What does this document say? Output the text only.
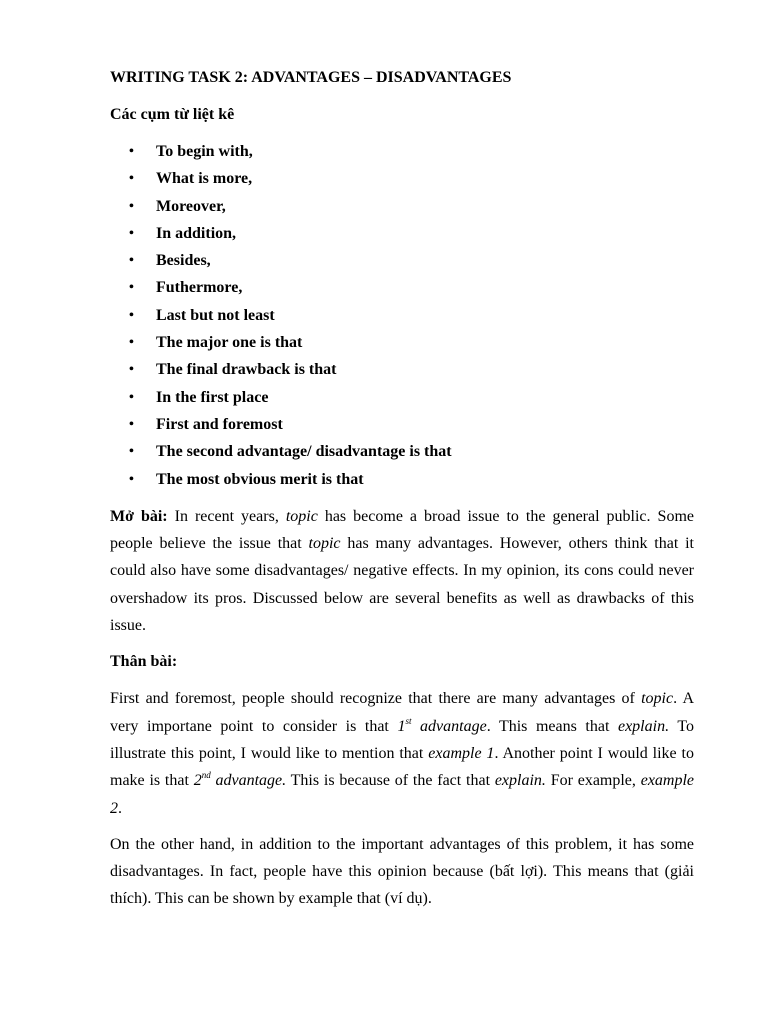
WRITING TASK 2: ADVANTAGES – DISADVANTAGES
Các cụm từ liệt kê
• To begin with,
• What is more,
• Moreover,
• In addition,
• Besides,
• Futhermore,
• Last but not least
• The major one is that
• The final drawback is that
• In the first place
• First and foremost
• The second advantage/ disadvantage is that
• The most obvious merit is that

Mở bài: In recent years, topic has become a broad issue to the general public. Some people believe the issue that topic has many advantages. However, others think that it could also have some disadvantages/ negative effects. In my opinion, its cons could never overshadow its pros. Discussed below are several benefits as well as drawbacks of this issue.

Thân bài:

First and foremost, people should recognize that there are many advantages of topic. A very importane point to consider is that 1st advantage. This means that explain. To illustrate this point, I would like to mention that example 1. Another point I would like to make is that 2nd advantage. This is because of the fact that explain. For example, example 2.

On the other hand, in addition to the important advantages of this problem, it has some disadvantages. In fact, people have this opinion because (bất lợi). This means that (giải thích). This can be shown by example that (ví dụ).
